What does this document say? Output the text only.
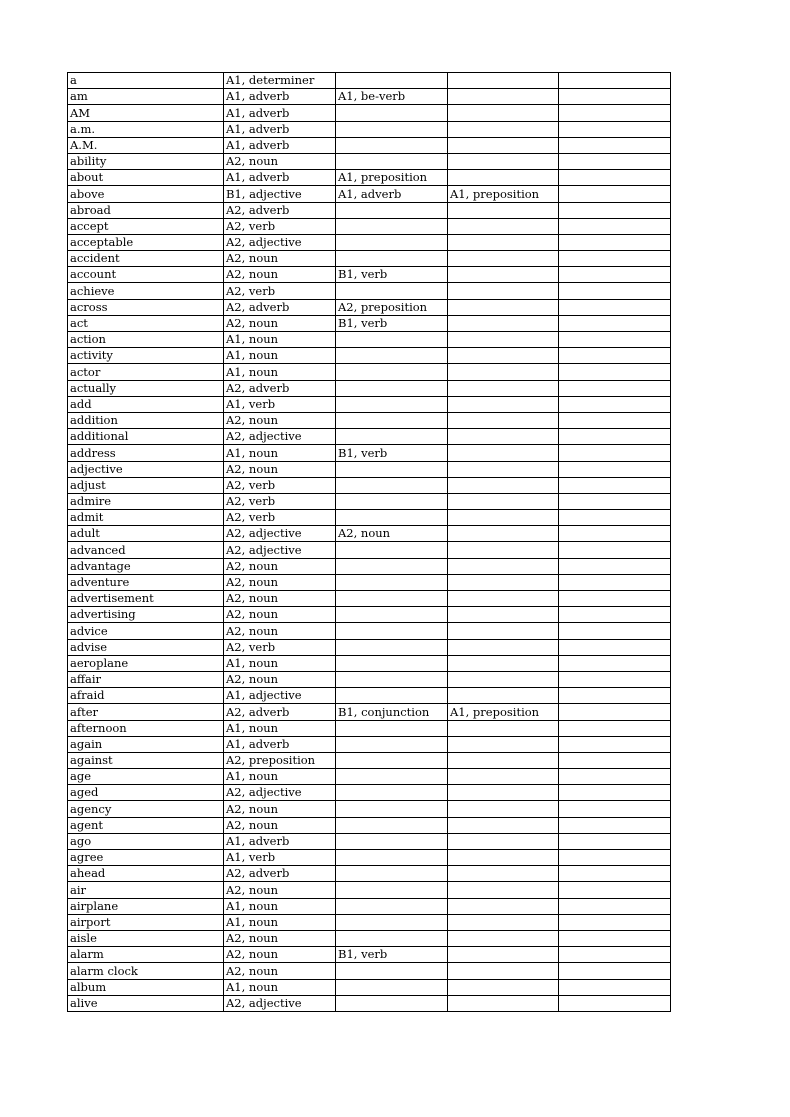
a	A1, determiner			
am	A1, adverb	A1, be-verb		
AM	A1, adverb			
a.m.	A1, adverb			
A.M.	A1, adverb			
ability	A2, noun			
about	A1, adverb	A1, preposition		
above	B1, adjective	A1, adverb	A1, preposition	
abroad	A2, adverb			
accept	A2, verb			
acceptable	A2, adjective			
accident	A2, noun			
account	A2, noun	B1, verb		
achieve	A2, verb			
across	A2, adverb	A2, preposition		
act	A2, noun	B1, verb		
action	A1, noun			
activity	A1, noun			
actor	A1, noun			
actually	A2, adverb			
add	A1, verb			
addition	A2, noun			
additional	A2, adjective			
address	A1, noun	B1, verb		
adjective	A2, noun			
adjust	A2, verb			
admire	A2, verb			
admit	A2, verb			
adult	A2, adjective	A2, noun		
advanced	A2, adjective			
advantage	A2, noun			
adventure	A2, noun			
advertisement	A2, noun			
advertising	A2, noun			
advice	A2, noun			
advise	A2, verb			
aeroplane	A1, noun			
affair	A2, noun			
afraid	A1, adjective			
after	A2, adverb	B1, conjunction	A1, preposition	
afternoon	A1, noun			
again	A1, adverb			
against	A2, preposition			
age	A1, noun			
aged	A2, adjective			
agency	A2, noun			
agent	A2, noun			
ago	A1, adverb			
agree	A1, verb			
ahead	A2, adverb			
air	A2, noun			
airplane	A1, noun			
airport	A1, noun			
aisle	A2, noun			
alarm	A2, noun	B1, verb		
alarm clock	A2, noun			
album	A1, noun			
alive	A2, adjective			
